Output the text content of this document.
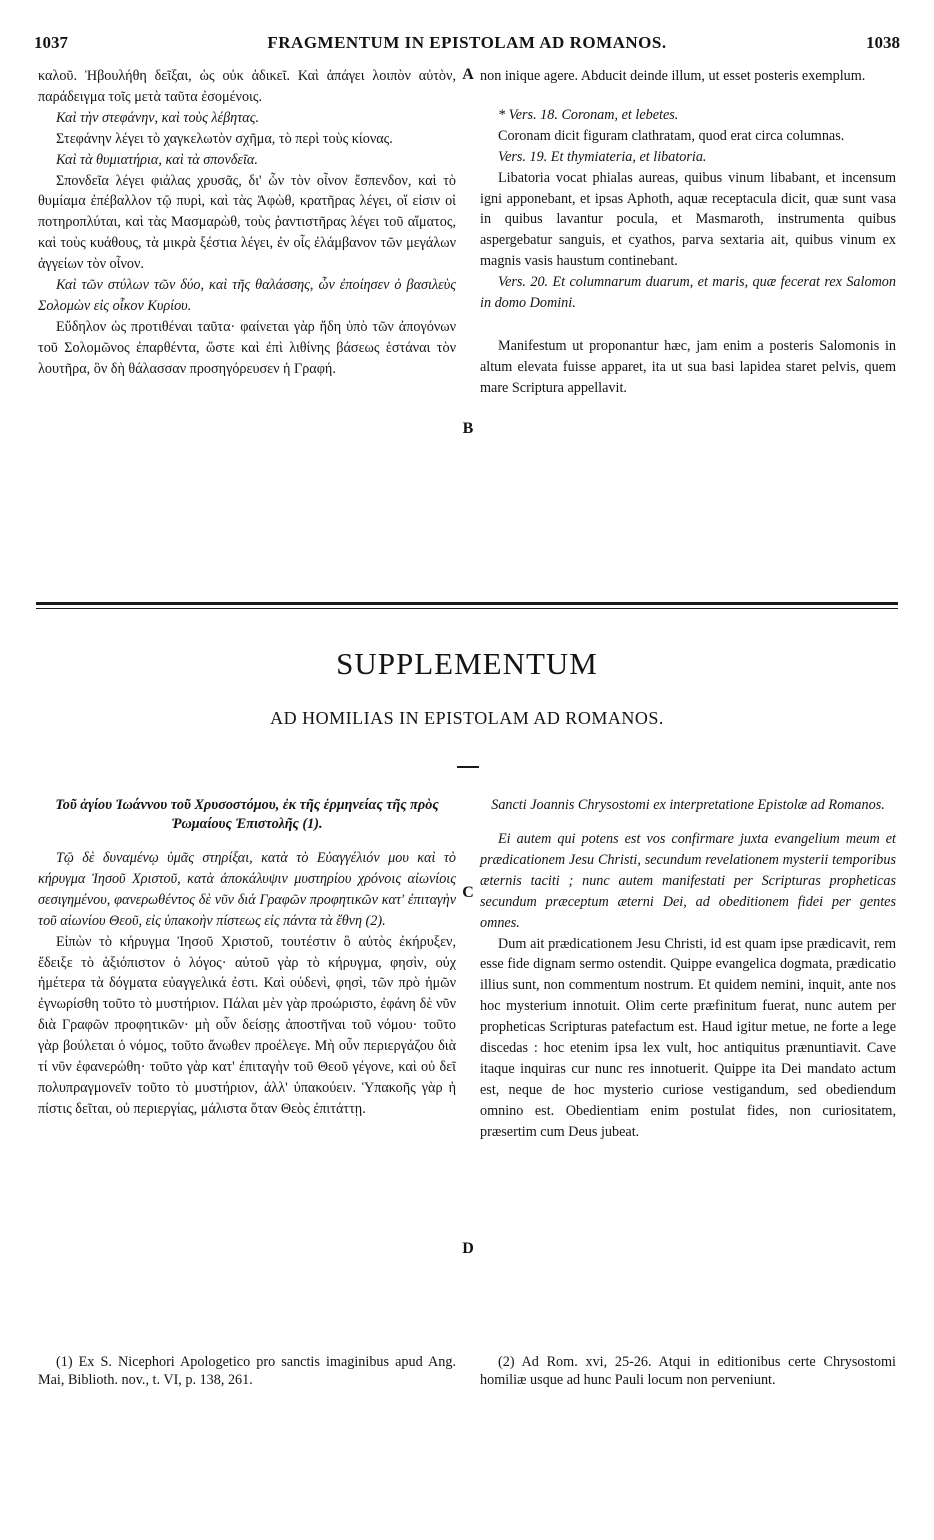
1037	FRAGMENTUM IN EPISTOLAM AD ROMANOS.	1038

καλοῦ. Ἠβουλήθη δεῖξαι, ὡς οὐκ ἀδικεῖ. Καὶ ἀπάγει λοιπὸν αὐτὸν, παράδειγμα τοῖς μετὰ ταῦτα ἐσομένοις.

Καὶ τὴν στεφάνην, καὶ τοὺς λέβητας.

Στεφάνην λέγει τὸ χαγκελωτὸν σχῆμα, τὸ περὶ τοὺς κίονας.

Καὶ τὰ θυμιατήρια, καὶ τὰ σπονδεῖα.

Σπονδεῖα λέγει φιάλας χρυσᾶς, δι' ὧν τὸν οἶνον ἔσπενδον, καὶ τὸ θυμίαμα ἐπέβαλλον τῷ πυρὶ, καὶ τὰς Ἀφὼθ, κρατῆρας λέγει, οἵ εἰσιν οἱ ποτηροπλύται, καὶ τὰς Μασμαρὼθ, τοὺς ῥαντιστῆρας λέγει τοῦ αἵματος, καὶ τοὺς κυάθους, τὰ μικρὰ ξέστια λέγει, ἐν οἷς ἐλάμβανον τῶν μεγάλων ἀγγείων τὸν οἶνον.

Καὶ τῶν στύλων τῶν δύο, καὶ τῆς θαλάσσης, ὧν ἐποίησεν ὁ βασιλεὺς Σολομὼν εἰς οἶκον Κυρίου.

Εὔδηλον ὡς προτιθέναι ταῦτα· φαίνεται γὰρ ἤδη ὑπὸ τῶν ἀπογόνων τοῦ Σολομῶνος ἐπαρθέντα, ὥστε καὶ ἐπὶ λιθίνης βάσεως ἑστάναι τὸν λουτῆρα, ὃν δὴ θάλασσαν προσηγόρευσεν ἡ Γραφή.

non inique agere. Abducit deinde illum, ut esset posteris exemplum.

* Vers. 18. Coronam, et lebetes.

Coronam dicit figuram clathratam, quod erat circa columnas.

Vers. 19. Et thymiateria, et libatoria.

Libatoria vocat phialas aureas, quibus vinum libabant, et incensum igni apponebant, et ipsas Aphoth, aquæ receptacula dicit, quæ sunt vasa in quibus lavantur pocula, et Masmaroth, instrumenta quibus aspergebatur sanguis, et cyathos, parva sextaria ait, quibus vinum ex magnis vasis haustum continebant.

Vers. 20. Et columnarum duarum, et maris, quæ fecerat rex Salomon in domo Domini.

Manifestum ut proponantur hæc, jam enim a posteris Salomonis in altum elevata fuisse apparet, ita ut sua basi lapidea staret pelvis, quem mare Scriptura appellavit.

A
B
C
D
SUPPLEMENTUM
AD HOMILIAS IN EPISTOLAM AD ROMANOS.

Τοῦ ἁγίου Ἰωάννου τοῦ Χρυσοστόμου, ἐκ τῆς ἑρμηνείας τῆς πρὸς Ῥωμαίους Ἐπιστολῆς (1).

Τῷ δὲ δυναμένῳ ὑμᾶς στηρίξαι, κατὰ τὸ Εὐαγγέλιόν μου καὶ τὸ κήρυγμα Ἰησοῦ Χριστοῦ, κατὰ ἀποκάλυψιν μυστηρίου χρόνοις αἰωνίοις σεσιγημένου, φανερωθέντος δὲ νῦν διά Γραφῶν προφητικῶν κατ' ἐπιταγὴν τοῦ αἰωνίου Θεοῦ, εἰς ὑπακοὴν πίστεως εἰς πάντα τὰ ἔθνη (2).

Εἰπὼν τὸ κήρυγμα Ἰησοῦ Χριστοῦ, τουτέστιν ὃ αὐτὸς ἐκήρυξεν, ἔδειξε τὸ ἀξιόπιστον ὁ λόγος· αὐτοῦ γὰρ τὸ κήρυγμα, φησὶν, οὐχ ἡμέτερα τὰ δόγματα εὐαγγελικά ἐστι. Καὶ οὐδενὶ, φησὶ, τῶν πρὸ ἡμῶν ἐγνωρίσθη τοῦτο τὸ μυστήριον. Πάλαι μὲν γὰρ προώριστο, ἐφάνη δὲ νῦν διὰ Γραφῶν προφητικῶν· μὴ οὖν δείσῃς ἀποστῆναι τοῦ νόμου· τοῦτο γὰρ βούλεται ὁ νόμος, τοῦτο ἄνωθεν προέλεγε. Μὴ οὖν περιεργάζου διὰ τί νῦν ἐφανερώθη· τοῦτο γὰρ κατ' ἐπιταγὴν τοῦ Θεοῦ γέγονε, καὶ οὐ δεῖ πολυπραγμονεῖν τοῦτο τὸ μυστήριον, ἀλλ' ὑπακούειν. Ὑπακοῆς γὰρ ἡ πίστις δεῖται, οὐ περιεργίας, μάλιστα ὅταν Θεὸς ἐπιτάττῃ.

Sancti Joannis Chrysostomi ex interpretatione Epistolæ ad Romanos.

Ei autem qui potens est vos confirmare juxta evangelium meum et prædicationem Jesu Christi, secundum revelationem mysterii temporibus æternis taciti ; nunc autem manifestati per Scripturas propheticas secundum præceptum æterni Dei, ad obeditionem fidei per gentes omnes.

Dum ait prædicationem Jesu Christi, id est quam ipse prædicavit, rem esse fide dignam sermo ostendit. Quippe evangelica dogmata, prædicatio illius sunt, non commentum nostrum. Et quidem nemini, inquit, ante nos hoc mysterium innotuit. Olim certe præfinitum fuerat, nunc autem per propheticas Scripturas patefactum est. Haud igitur metue, ne forte a lege discedas : hoc etenim ipsa lex vult, hoc antiquitus prænuntiavit. Cave itaque inquiras cur nunc res innotuerit. Quippe ita Dei mandato actum est, neque de hoc mysterio curiose vestigandum, sed obediendum omnino est. Obedientiam enim postulat fides, non curiositatem, præsertim cum Deus jubeat.

(1) Ex S. Nicephori Apologetico pro sanctis imaginibus apud Ang. Mai, Biblioth. nov., t. VI, p. 138, 261.

(2) Ad Rom. xvi, 25-26. Atqui in editionibus certe Chrysostomi homiliæ usque ad hunc Pauli locum non perveniunt.
